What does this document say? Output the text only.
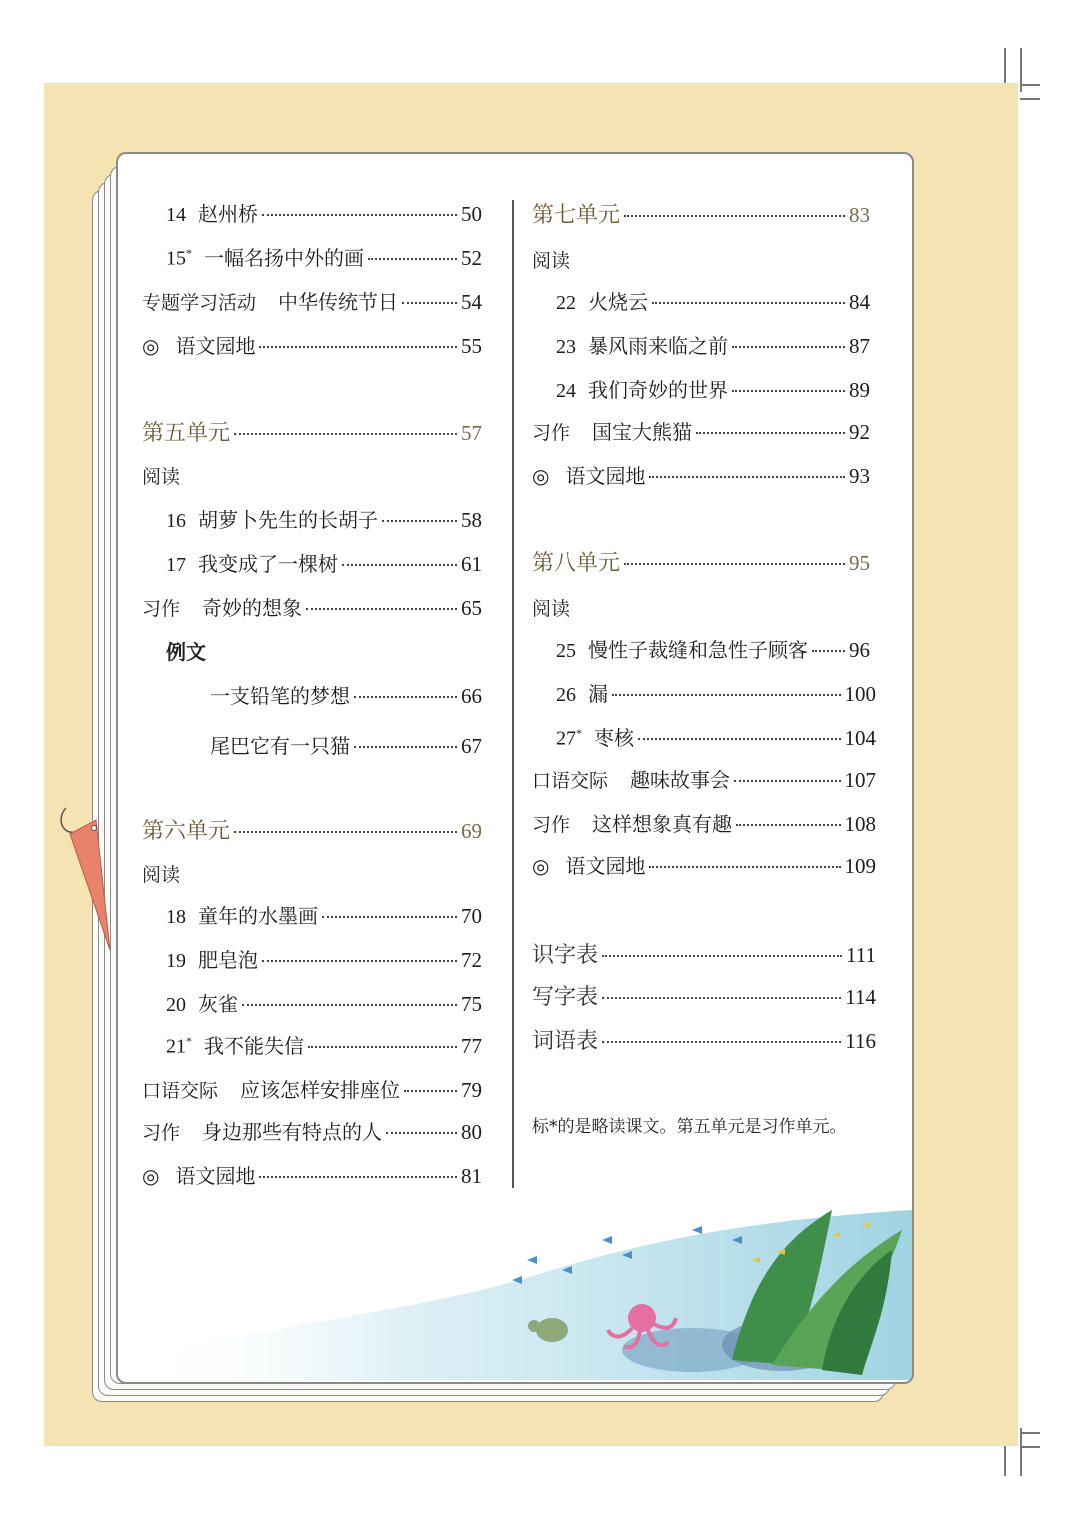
14 赵州桥	50
15* 一幅名扬中外的画	52
专题学习活动 中华传统节日	54
◎ 语文园地	55
第五单元	57
阅读
16 胡萝卜先生的长胡子	58
17 我变成了一棵树	61
习作 奇妙的想象	65
例文
一支铅笔的梦想	66
尾巴它有一只猫	67
第六单元	69
阅读
18 童年的水墨画	70
19 肥皂泡	72
20 灰雀	75
21* 我不能失信	77
口语交际 应该怎样安排座位	79
习作 身边那些有特点的人	80
◎ 语文园地	81
第七单元	83
阅读
22 火烧云	84
23 暴风雨来临之前	87
24 我们奇妙的世界	89
习作 国宝大熊猫	92
◎ 语文园地	93
第八单元	95
阅读
25 慢性子裁缝和急性子顾客 96
26 漏	100
27* 枣核	104
口语交际 趣味故事会	107
习作 这样想象真有趣	108
◎ 语文园地	109
识字表	111
写字表	114
词语表	116
标*的是略读课文。第五单元是习作单元。
